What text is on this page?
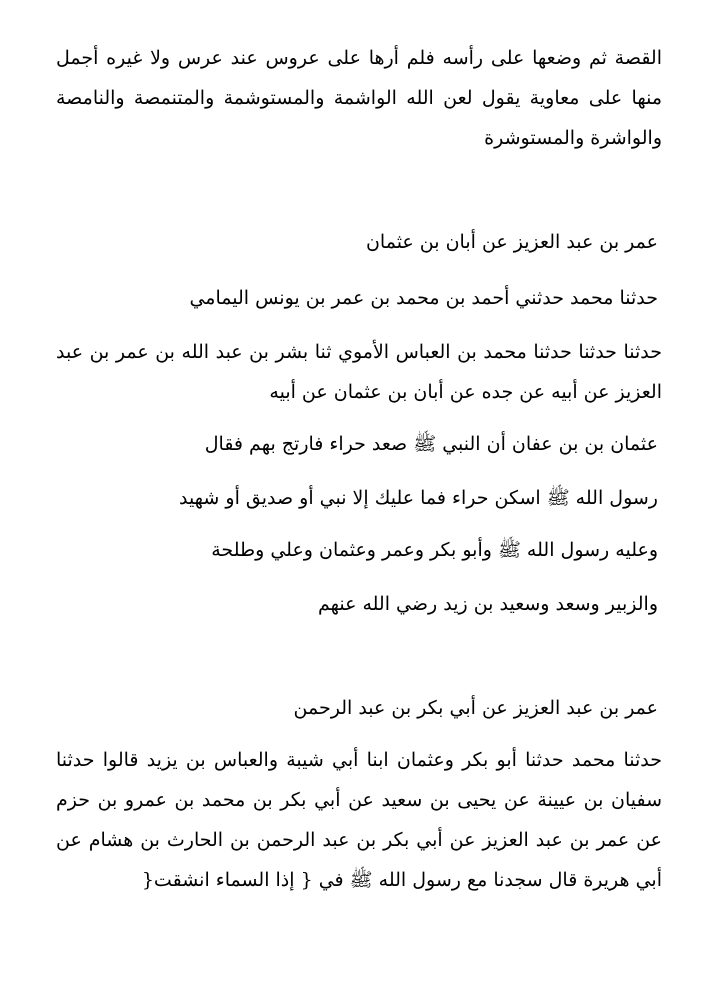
القصة ثم وضعها على رأسه فلم أرها على عروس عند عرس ولا غيره أجمل منها على معاوية يقول لعن الله الواشمة والمستوشمة والمتنمصة والنامصة والواشرة والمستوشرة

عمر بن عبد العزيز عن أبان بن عثمان

حدثنا محمد حدثني أحمد بن محمد بن عمر بن يونس اليمامي

حدثنا حدثنا حدثنا محمد بن العباس الأموي ثنا بشر بن عبد الله بن عمر بن عبد العزيز عن أبيه عن جده عن أبان بن عثمان عن أبيه

عثمان بن بن عفان أن النبي ﷺ صعد حراء فارتج بهم فقال

رسول الله ﷺ اسكن حراء فما عليك إلا نبي أو صديق أو شهيد

وعليه رسول الله ﷺ وأبو بكر وعمر وعثمان وعلي وطلحة

والزبير وسعد وسعيد بن زيد رضي الله عنهم

عمر بن عبد العزيز عن أبي بكر بن عبد الرحمن

حدثنا محمد حدثنا أبو بكر وعثمان ابنا أبي شيبة والعباس بن يزيد قالوا حدثنا سفيان بن عيينة عن يحيى بن سعيد عن أبي بكر بن محمد بن عمرو بن حزم عن عمر بن عبد العزيز عن أبي بكر بن عبد الرحمن بن الحارث بن هشام عن أبي هريرة قال سجدنا مع رسول الله ﷺ في { إذا السماء انشقت{
